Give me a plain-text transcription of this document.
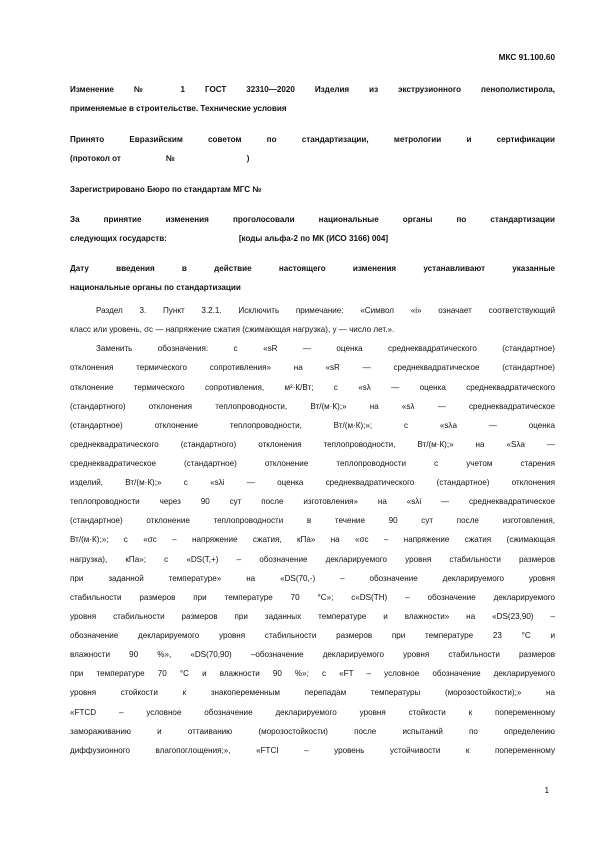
МКС 91.100.60
Изменение № 1 ГОСТ 32310—2020 Изделия из экструзионного пенополистирола,
применяемые в строительстве. Технические условия
Принято Евразийским советом по стандартизации, метрологии и сертификации
(протокол от                    №                                )
Зарегистрировано Бюро по стандартам МГС №
За принятие изменения проголосовали национальные органы по стандартизации
следующих государств:                                [коды альфа-2 по МК (ИСО 3166) 004]
Дату введения в действие настоящего изменения устанавливают указанные
национальные органы по стандартизации
Раздел 3. Пункт 3.2.1. Исключить примечание: «Символ «i» означает соответствующий
класс или уровень, σc — напряжение сжатия (сжимающая нагрузка), y — число лет.».
Заменить обозначения: с «sR — оценка среднеквадратического (стандартное)
отклонения термического сопротивления» на «sR — среднеквадратическое (стандартное)
отклонение термического сопротивления, м²·К/Вт; с «sλ — оценка среднеквадратического
(стандартного) отклонения теплопроводности, Вт/(м·К);» на «sλ — среднеквадратическое
(стандартное) отклонение теплопроводности, Вт/(м·К);»; с «sλa — оценка
среднеквадратического (стандартного) отклонения теплопроводности, Вт/(м·К);» на «Sλa —
среднеквадратическое (стандартное) отклонение теплопроводности с учетом старения
изделий, Вт/(м·К);» с «sλi — оценка среднеквадратического (стандартное) отклонения
теплопроводности через 90 сут после изготовления» на «sλi — среднеквадратическое
(стандартное) отклонение теплопроводности в течение 90 сут после изготовления,
Вт/(м·К);»; с «σc – напряжение сжатия, кПа» на «σc – напряжение сжатия (сжимающая
нагрузка), кПа»; с «DS(T,+) – обозначение декларируемого уровня стабильности размеров
при заданной температуре» на «DS(70,-) – обозначение декларируемого уровня
стабильности размеров при температуре 70 °С»; с«DS(TH) – обозначение декларируемого
уровня стабильности размеров при заданных температуре и влажности» на «DS(23,90) –
обозначение декларируемого уровня стабильности размеров при температуре 23 °С и
влажности 90 %», «DS(70,90) –обозначение декларируемого уровня стабильности размеров
при температуре 70 °С и влажности 90 %»; с «FT – условное обозначение декларируемого
уровня стойкости к знакопеременным перепадам температуры (морозостойкости);» на
«FTCD – условное обозначение декларируемого уровня стойкости к попеременному
замораживанию и оттаиванию (морозостойкости) после испытаний по определению
диффузионного влагопоглощения;», «FTCI – уровень устойчивости к попеременному
1
